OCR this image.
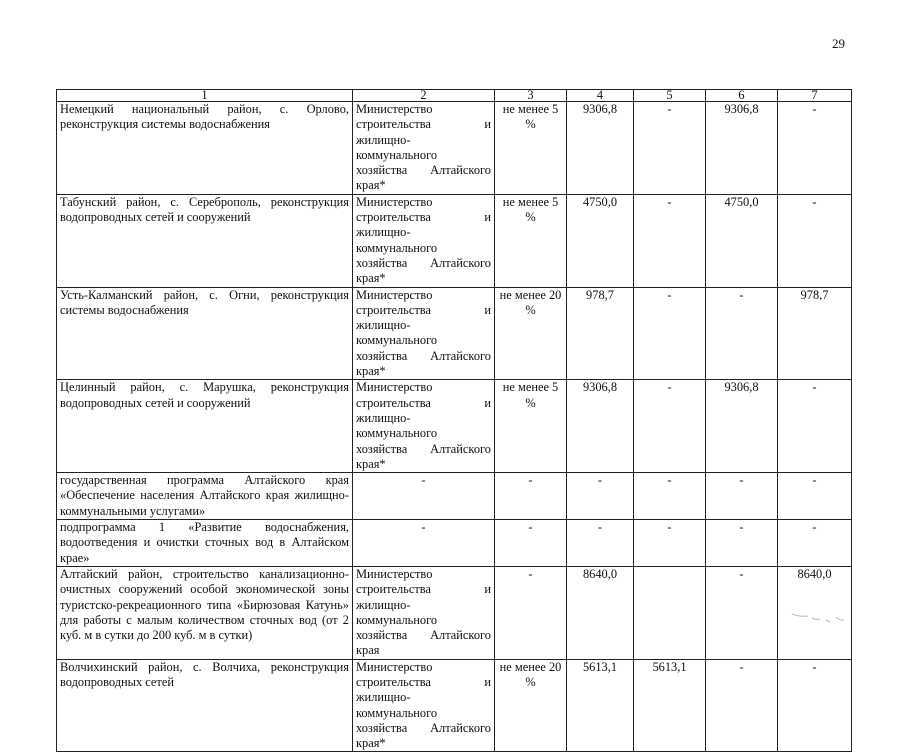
29
1	2	3	4	5	6	7
Немецкий национальный район, с. Орлово, реконструкция системы водоснабжения	Министерство строительства и жилищно-коммунального хозяйства Алтайского края*	не менее 5 %	9306,8	-	9306,8	-
Табунский район, с. Сереброполь, реконструкция водопроводных сетей и сооружений	Министерство строительства и жилищно-коммунального хозяйства Алтайского края*	не менее 5 %	4750,0	-	4750,0	-
Усть-Калманский район, с. Огни, реконструкция системы водоснабжения	Министерство строительства и жилищно-коммунального хозяйства Алтайского края*	не менее 20 %	978,7	-	-	978,7
Целинный район, с. Марушка, реконструкция водопроводных сетей и сооружений	Министерство строительства и жилищно-коммунального хозяйства Алтайского края*	не менее 5 %	9306,8	-	9306,8	-
государственная программа Алтайского края «Обеспечение населения Алтайского края жилищно-коммунальными услугами»	-	-	-	-	-	-
подпрограмма 1 «Развитие водоснабжения, водоотведения и очистки сточных вод в Алтайском крае»	-	-	-	-	-	-
Алтайский район, строительство канализационно-очистных сооружений особой экономической зоны туристско-рекреационного типа «Бирюзовая Катунь» для работы с малым количеством сточных вод (от 2 куб. м в сутки до 200 куб. м в сутки)	Министерство строительства и жилищно-коммунального хозяйства Алтайского края	-	8640,0		-	8640,0
Волчихинский район, с. Волчиха, реконструкция водопроводных сетей	Министерство строительства и жилищно-коммунального хозяйства Алтайского края*	не менее 20 %	5613,1	5613,1	-	-
